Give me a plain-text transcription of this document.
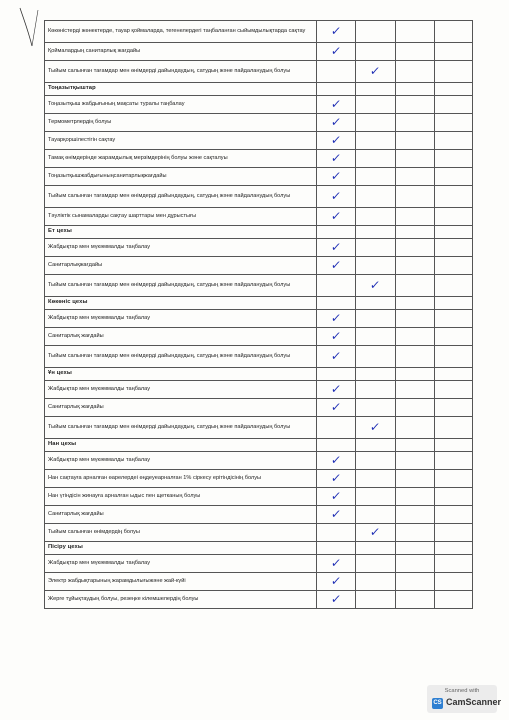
Көкөністерді жөнектерде, тауар қоймаларда, тегенелердегі таңбаланған сыйымдылықтарда сақтау	✓			
Қоймалардың санитарлық жағдайы	✓			
Тыйым салынған тағамдар мен өнімдерді дайындаудың, сатудың және пайдаланудың болуы		✓		
Тоңазытқыштар				
Тоңазытқыш жабдығының мақсаты туралы таңбалау	✓			
Термометрлердің болуы	✓			
Тауарқоршілестігін сақтау	✓			
Тамақ өнімдерінде жарамдылық мерзімдерінің болуы және сақталуы	✓			
Тоңазытқышжабдығыныңсанитарлықжағдайы	✓			
Тыйым салынған тағамдар мен өнімдерді дайындаудың, сатудың және пайдаланудың болуы	✓			
Тәуліктік сынамаларды сақтау шарттары мен дұрыстығы	✓			
Ет цехы				
Жабдықтар мен мүкәммалды таңбалау	✓			
Санитарлықжағдайы	✓			
Тыйым салынған тағамдар мен өнімдерді дайындаудың, сатудың және пайдаланудың болуы		✓		
Көкөніс цехы				
Жабдықтар мен мүкәммалды таңбалау	✓			
Санитарлық жағдайы	✓			
Тыйым салынған тағамдар мен өнімдерді дайындаудың, сатудың және пайдаланудың болуы	✓			
Ұн цехы				
Жабдықтар мен мүкәммалды таңбалау	✓			
Санитарлық жағдайы	✓			
Тыйым салынған тағамдар мен өнімдерді дайындаудың, сатудың және пайдаланудың болуы		✓		
Нан цехы				
Жабдықтар мен мүкәммалды таңбалау	✓			
Нан сақтауға арналған өарелердеі өңдеуеарналған 1% сіркесу ерітіндісінің болуы	✓			
Нан үгіндісін жинауға арналған ыдыс пен щетканың болуы	✓			
Санитарлық жағдайы	✓			
Тыйым салынған өнімдердің болуы		✓		
Пісіру цехы				
Жабдықтар мен мүкәммалды таңбалау	✓			
Электр жабдықтарының жарамдылығыжәне жай-күйі	✓			
Жерге тұйықтаудың болуы, резеңке кілемшелердің болуы	✓			
Scanned with
CS CamScanner
